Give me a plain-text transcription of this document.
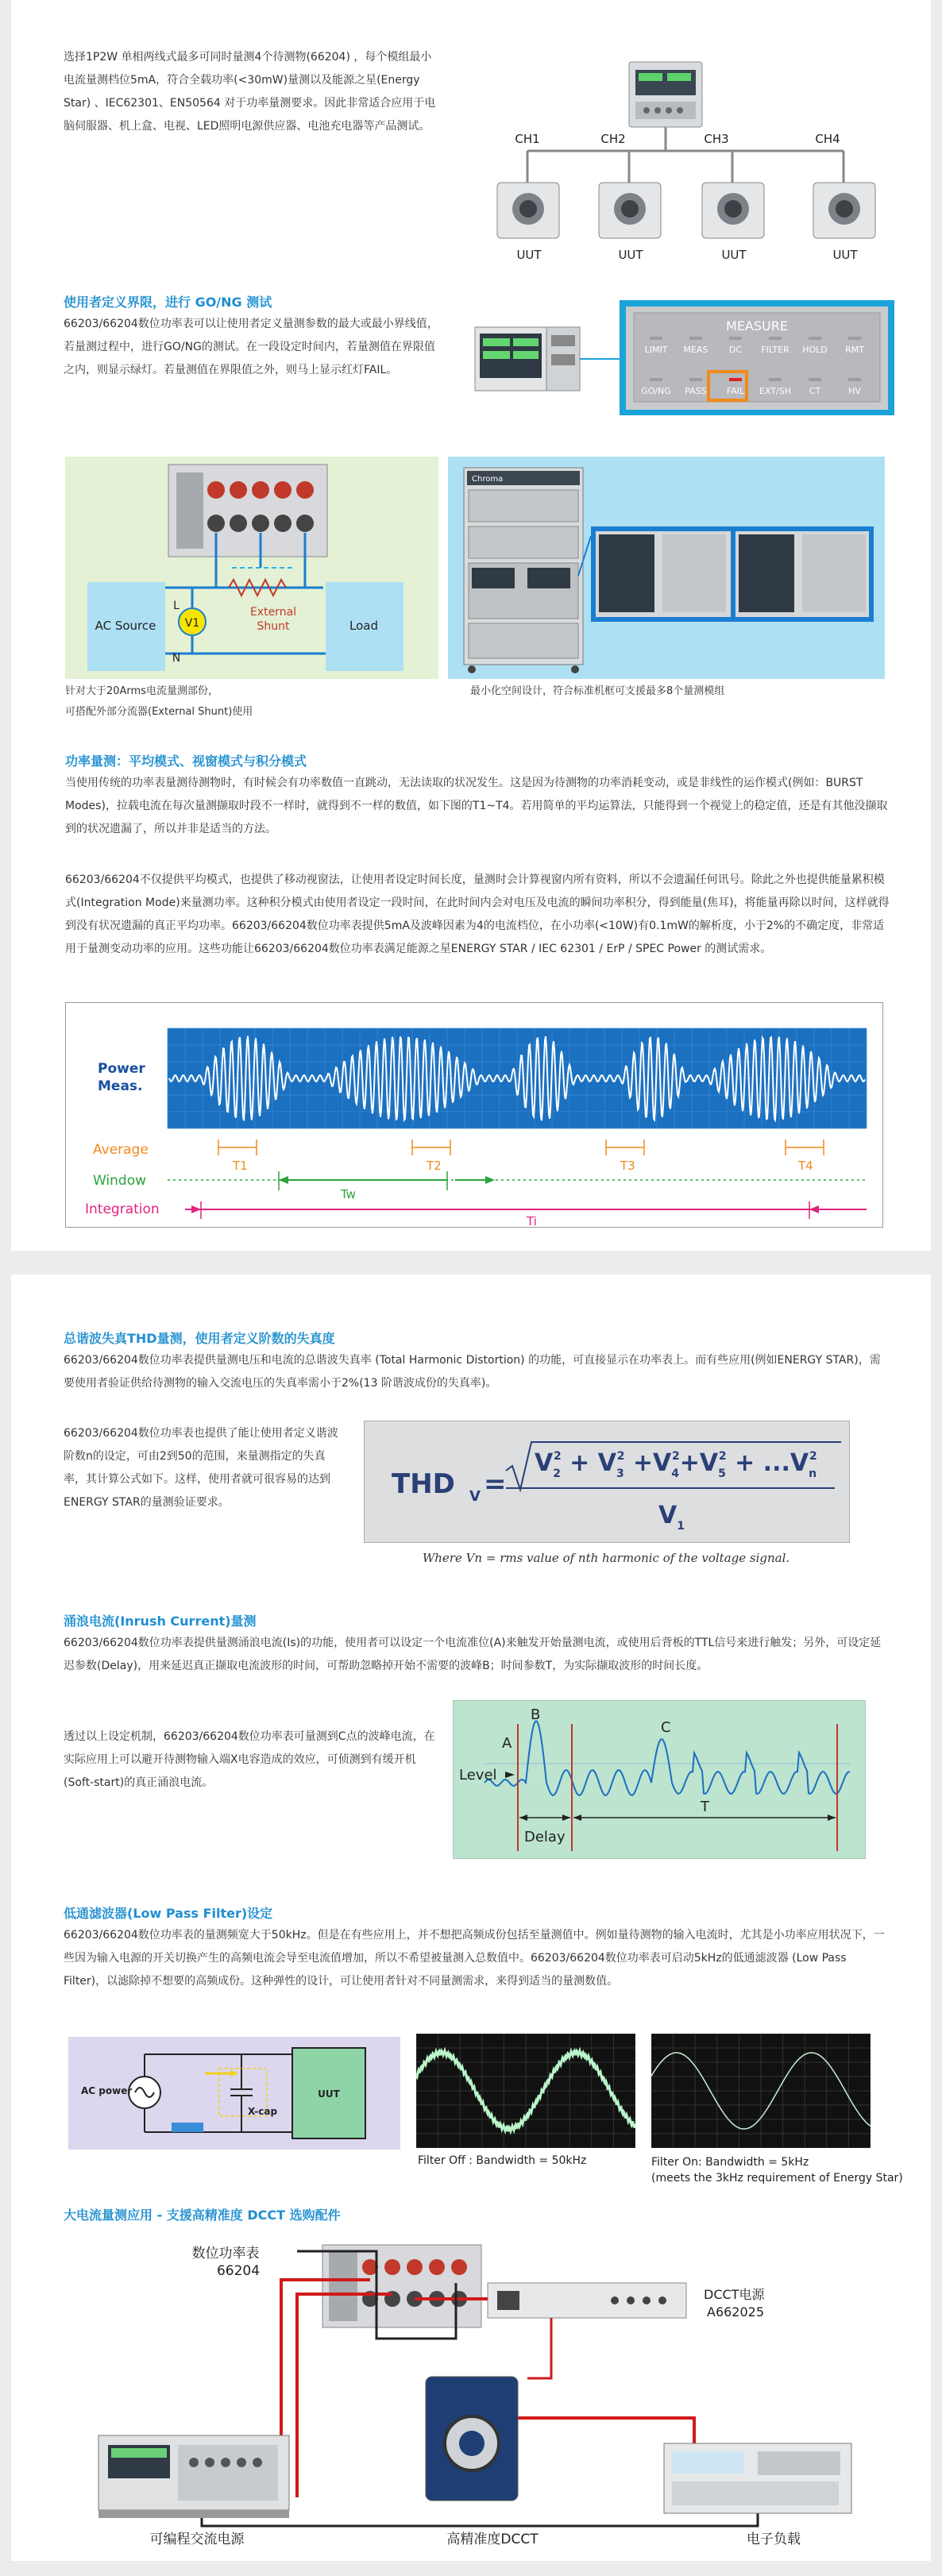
选择1P2W 单相两线式最多可同时量测4个待测物(66204) ，每个模组最小电流量测档位5mA，符合全载功率(<30mW)量测以及能源之星(Energy Star) 、IEC62301、EN50564 对于功率量测要求。因此非常适合应用于电脑伺服器、机上盒、电视、LED照明电源供应器、电池充电器等产品测试。

CH1	CH2	CH3	CH4
UUT	UUT	UUT	UUT
使用者定义界限，进行 GO/NG 测试

66203/66204数位功率表可以让使用者定义量测参数的最大或最小界线值，若量测过程中，进行GO/NG的测试。在一段设定时间内，若量测值在界限值之内，则显示绿灯。若量测值在界限值之外，则马上显示红灯FAIL。

MEASURE
LIMIT MEAS DC FILTER HOLD RMT
GO/NG PASS FAIL EXT/SH CT	HV
V1
AC Source
L
N
External
Shunt	Load
Chroma
针对大于20Arms电流量测部份，
可搭配外部分流器(External Shunt)使用
最小化空间设计，符合标准机框可支援最多8个量测模组
功率量测：平均模式、视窗模式与积分模式

当使用传统的功率表量测待测物时，有时候会有功率数值一直跳动，无法读取的状况发生。这是因为待测物的功率消耗变动，或是非线性的运作模式(例如：BURST Modes)，拉载电流在每次量测撷取时段不一样时，就得到不一样的数值，如下图的T1~T4。若用简单的平均运算法，只能得到一个视觉上的稳定值，还是有其他没撷取到的状况遗漏了，所以并非是适当的方法。

66203/66204不仅提供平均模式，也提供了移动视窗法，让使用者设定时间长度，量测时会计算视窗内所有资料，所以不会遗漏任何讯号。除此之外也提供能量累积模式(Integration Mode)来量测功率。这种积分模式由使用者设定一段时间，在此时间内会对电压及电流的瞬间功率积分，得到能量(焦耳)，将能量再除以时间，这样就得到没有状况遗漏的真正平均功率。66203/66204数位功率表提供5mA及波峰因素为4的电流档位，在小功率(<10W)有0.1mW的解析度，小于2%的不确定度，非常适用于量测变动功率的应用。这些功能让66203/66204数位功率表满足能源之星ENERGY STAR / IEC 62301 / ErP / SPEC Power 的测试需求。

Power
Meas.
Average
Window
Integration
T1	T2	T3	T4
Tw
Ti
总谐波失真THD量测，使用者定义阶数的失真度

66203/66204数位功率表提供量测电压和电流的总谐波失真率 (Total Harmonic Distortion) 的功能，可直接显示在功率表上。而有些应用(例如ENERGY STAR)，需要使用者验证供给待测物的输入交流电压的失真率需小于2%(13 阶谐波成份的失真率)。

66203/66204数位功率表也提供了能让使用者定义谐波阶数n的设定，可由2到50的范围，来量测指定的失真率，其计算公式如下。这样，使用者就可很容易的达到ENERGY STAR的量测验证要求。

THD V =
$V_22 + V_32 +V_42+V_52 + ...V_n2$
$V_1$
Where Vn = rms value of nth harmonic of the voltage signal.
涌浪电流(Inrush Current)量测

66203/66204数位功率表提供量测涌浪电流(Is)的功能，使用者可以设定一个电流准位(A)来触发开始量测电流，或使用后背板的TTL信号来进行触发；另外，可设定延迟参数(Delay)，用来延迟真正撷取电流波形的时间，可帮助忽略掉开始不需要的波峰B；时间参数T，为实际撷取波形的时间长度。

透过以上设定机制，66203/66204数位功率表可量测到C点的波峰电流，在实际应用上可以避开待测物输入端X电容造成的效应，可侦测到有缓开机(Soft-start)的真正涌浪电流。

A
B
C
Level
Delay
T
低通滤波器(Low Pass Filter)设定

66203/66204数位功率表的量测频宽大于50kHz。但是在有些应用上，并不想把高频成份包括至量测值中。例如量待测物的输入电流时，尤其是小功率应用状况下，一些因为输入电源的开关切换产生的高频电流会导至电流值增加，所以不希望被量测入总数值中。66203/66204数位功率表可启动5kHz的低通滤波器 (Low Pass Filter)，以滤除掉不想要的高频成份。这种弹性的设计，可让使用者针对不同量测需求，来得到适当的量测数值。

AC power
X-cap
UUT
Filter Off : Bandwidth = 50kHz	Filter On: Bandwidth = 5kHz
(meets the 3kHz requirement of Energy Star)
大电流量测应用 - 支援高精准度 DCCT 选购配件
数位功率表
66204
DCCT电源
A662025
可编程交流电源	高精准度DCCT	电子负载
